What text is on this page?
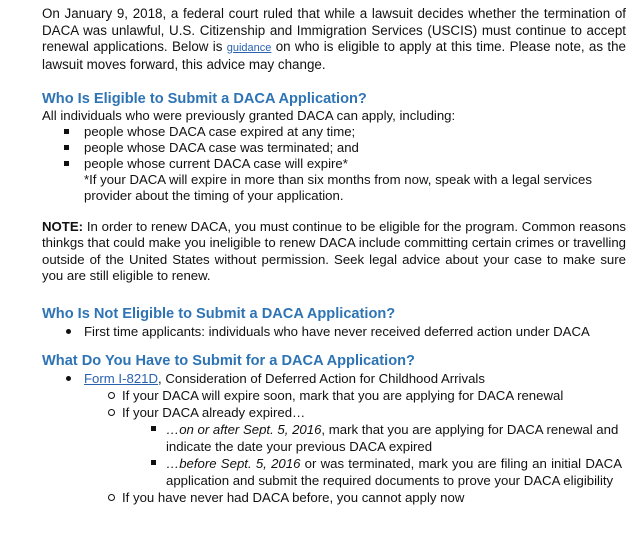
On January 9, 2018, a federal court ruled that while a lawsuit decides whether the termination of DACA was unlawful, U.S. Citizenship and Immigration Services (USCIS) must continue to accept renewal applications. Below is guidance on who is eligible to apply at this time. Please note, as the lawsuit moves forward, this advice may change.

Who Is Eligible to Submit a DACA Application?

All individuals who were previously granted DACA can apply, including:

people whose DACA case expired at any time;
people whose DACA case was terminated; and
people whose current DACA case will expire*

*If your DACA will expire in more than six months from now, speak with a legal services provider about the timing of your application.

NOTE: In order to renew DACA, you must continue to be eligible for the program. Common reasons thinkgs that could make you ineligible to renew DACA include committing certain crimes or travelling outside of the United States without permission. Seek legal advice about your case to make sure you are still eligible to renew.

Who Is Not Eligible to Submit a DACA Application?
First time applicants: individuals who have never received deferred action under DACA
What Do You Have to Submit for a DACA Application?
Form I-821D, Consideration of Deferred Action for Childhood Arrivals
If your DACA will expire soon, mark that you are applying for DACA renewal
If your DACA already expired…
…on or after Sept. 5, 2016, mark that you are applying for DACA renewal and indicate the date your previous DACA expired
…before Sept. 5, 2016 or was terminated, mark you are filing an initial DACA application and submit the required documents to prove your DACA eligibility
If you have never had DACA before, you cannot apply now
